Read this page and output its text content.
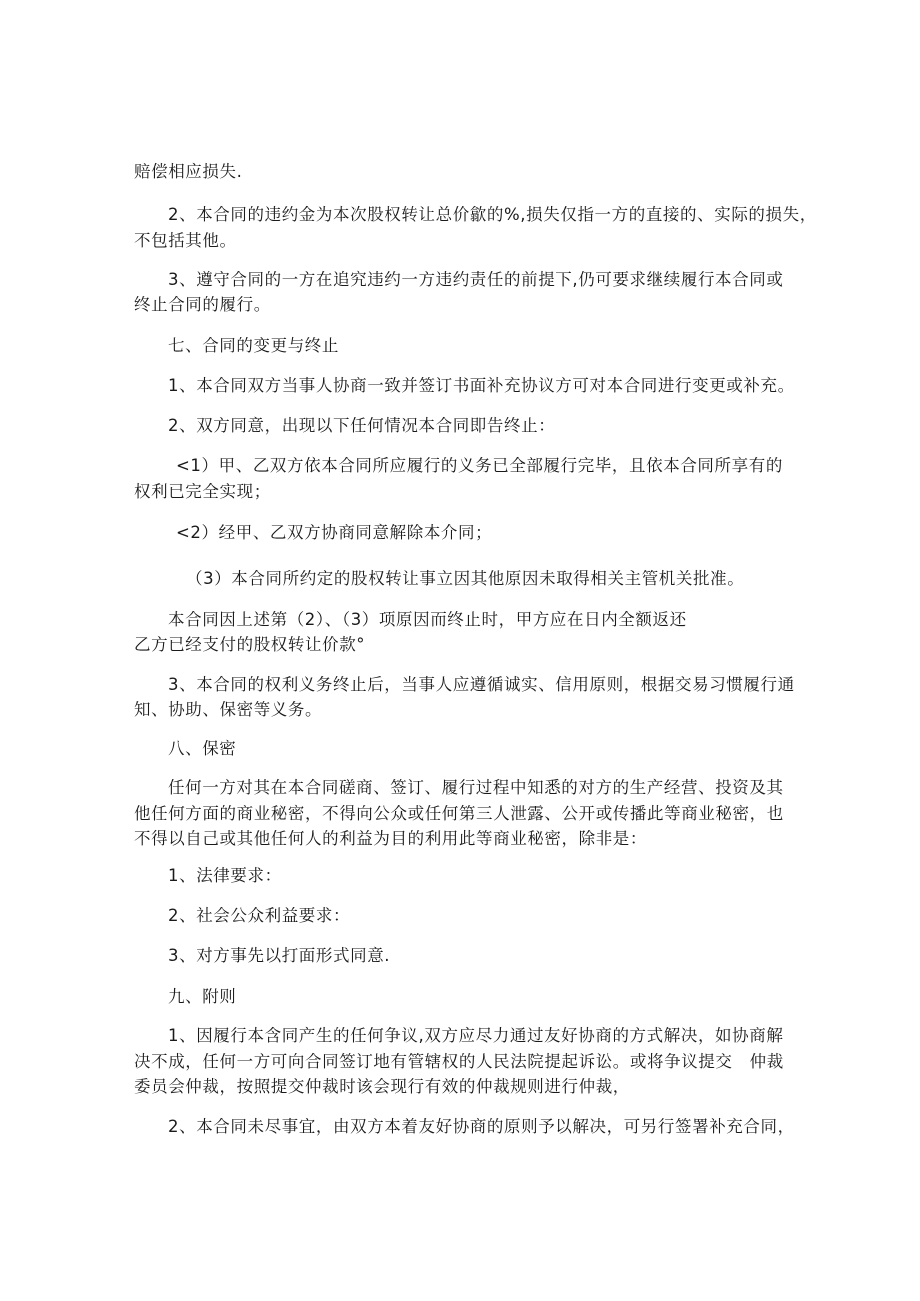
赔偿相应损失.

2、本合同的违约金为本次股权转让总价歙的%,损失仅指一方的直接的、实际的损失，

不包括其他。

3、遵守合同的一方在追究违约一方违约责任的前提下,仍可要求继续履行本合同或

终止合同的履行。

七、合同的变更与终止

1、本合同双方当事人协商一致并签订书面补充协议方可对本合同进行变更或补充。

2、双方同意，出现以下任何情况本合同即告终止：

<1）甲、乙双方依本合同所应履行的义务已全部履行完毕，且依本合同所享有的

权利已完全实现；

<2）经甲、乙双方协商同意解除本介同；

（3）本合同所约定的股权转让事立因其他原因未取得相关主管机关批准。

本合同因上述第（2）、（3）项原因而终止时，甲方应在日内全额返还

乙方已经支付的股权转让价款°

3、本合同的权利义务终止后，当事人应遵循诚实、信用原则，根据交易习惯履行通

知、协助、保密等义务。

八、保密

任何一方对其在本合同磋商、签订、履行过程中知悉的对方的生产经营、投资及其

他任何方面的商业秘密，不得向公众或任何第三人泄露、公开或传播此等商业秘密，也

不得以自己或其他任何人的利益为目的利用此等商业秘密，除非是：

1、法律要求：

2、社会公众利益要求：

3、对方事先以打面形式同意.

九、附则

1、因履行本含同产生的任何争议,双方应尽力通过友好协商的方式解决，如协商解

决不成，任何一方可向合同签订地有管辖权的人民法院提起诉讼。或将争议提交　仲裁

委员会仲裁，按照提交仲裁时该会现行有效的仲裁规则进行仲裁，

2、本合同未尽事宜，由双方本着友好协商的原则予以解决，可另行签署补充合同，
